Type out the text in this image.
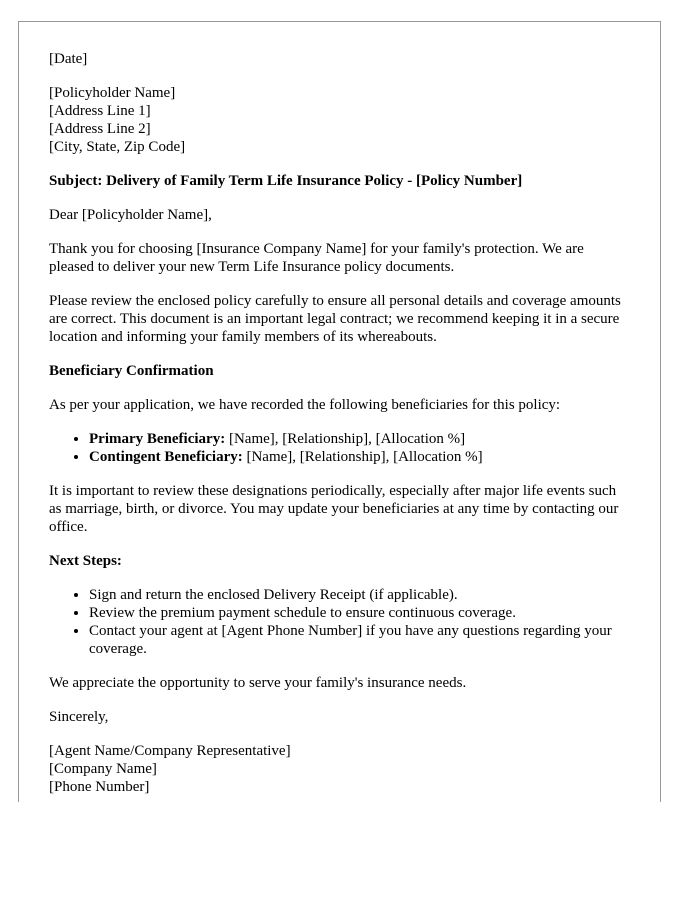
[Date]

[Policyholder Name]
[Address Line 1]
[Address Line 2]
[City, State, Zip Code]

Subject: Delivery of Family Term Life Insurance Policy - [Policy Number]

Dear [Policyholder Name],

Thank you for choosing [Insurance Company Name] for your family's protection. We are pleased to deliver your new Term Life Insurance policy documents.

Please review the enclosed policy carefully to ensure all personal details and coverage amounts are correct. This document is an important legal contract; we recommend keeping it in a secure location and informing your family members of its whereabouts.

Beneficiary Confirmation

As per your application, we have recorded the following beneficiaries for this policy:

• Primary Beneficiary: [Name], [Relationship], [Allocation %]
• Contingent Beneficiary: [Name], [Relationship], [Allocation %]

It is important to review these designations periodically, especially after major life events such as marriage, birth, or divorce. You may update your beneficiaries at any time by contacting our office.

Next Steps:

• Sign and return the enclosed Delivery Receipt (if applicable).
• Review the premium payment schedule to ensure continuous coverage.
• Contact your agent at [Agent Phone Number] if you have any questions regarding your coverage.

We appreciate the opportunity to serve your family's insurance needs.

Sincerely,

[Agent Name/Company Representative]
[Company Name]
[Phone Number]
